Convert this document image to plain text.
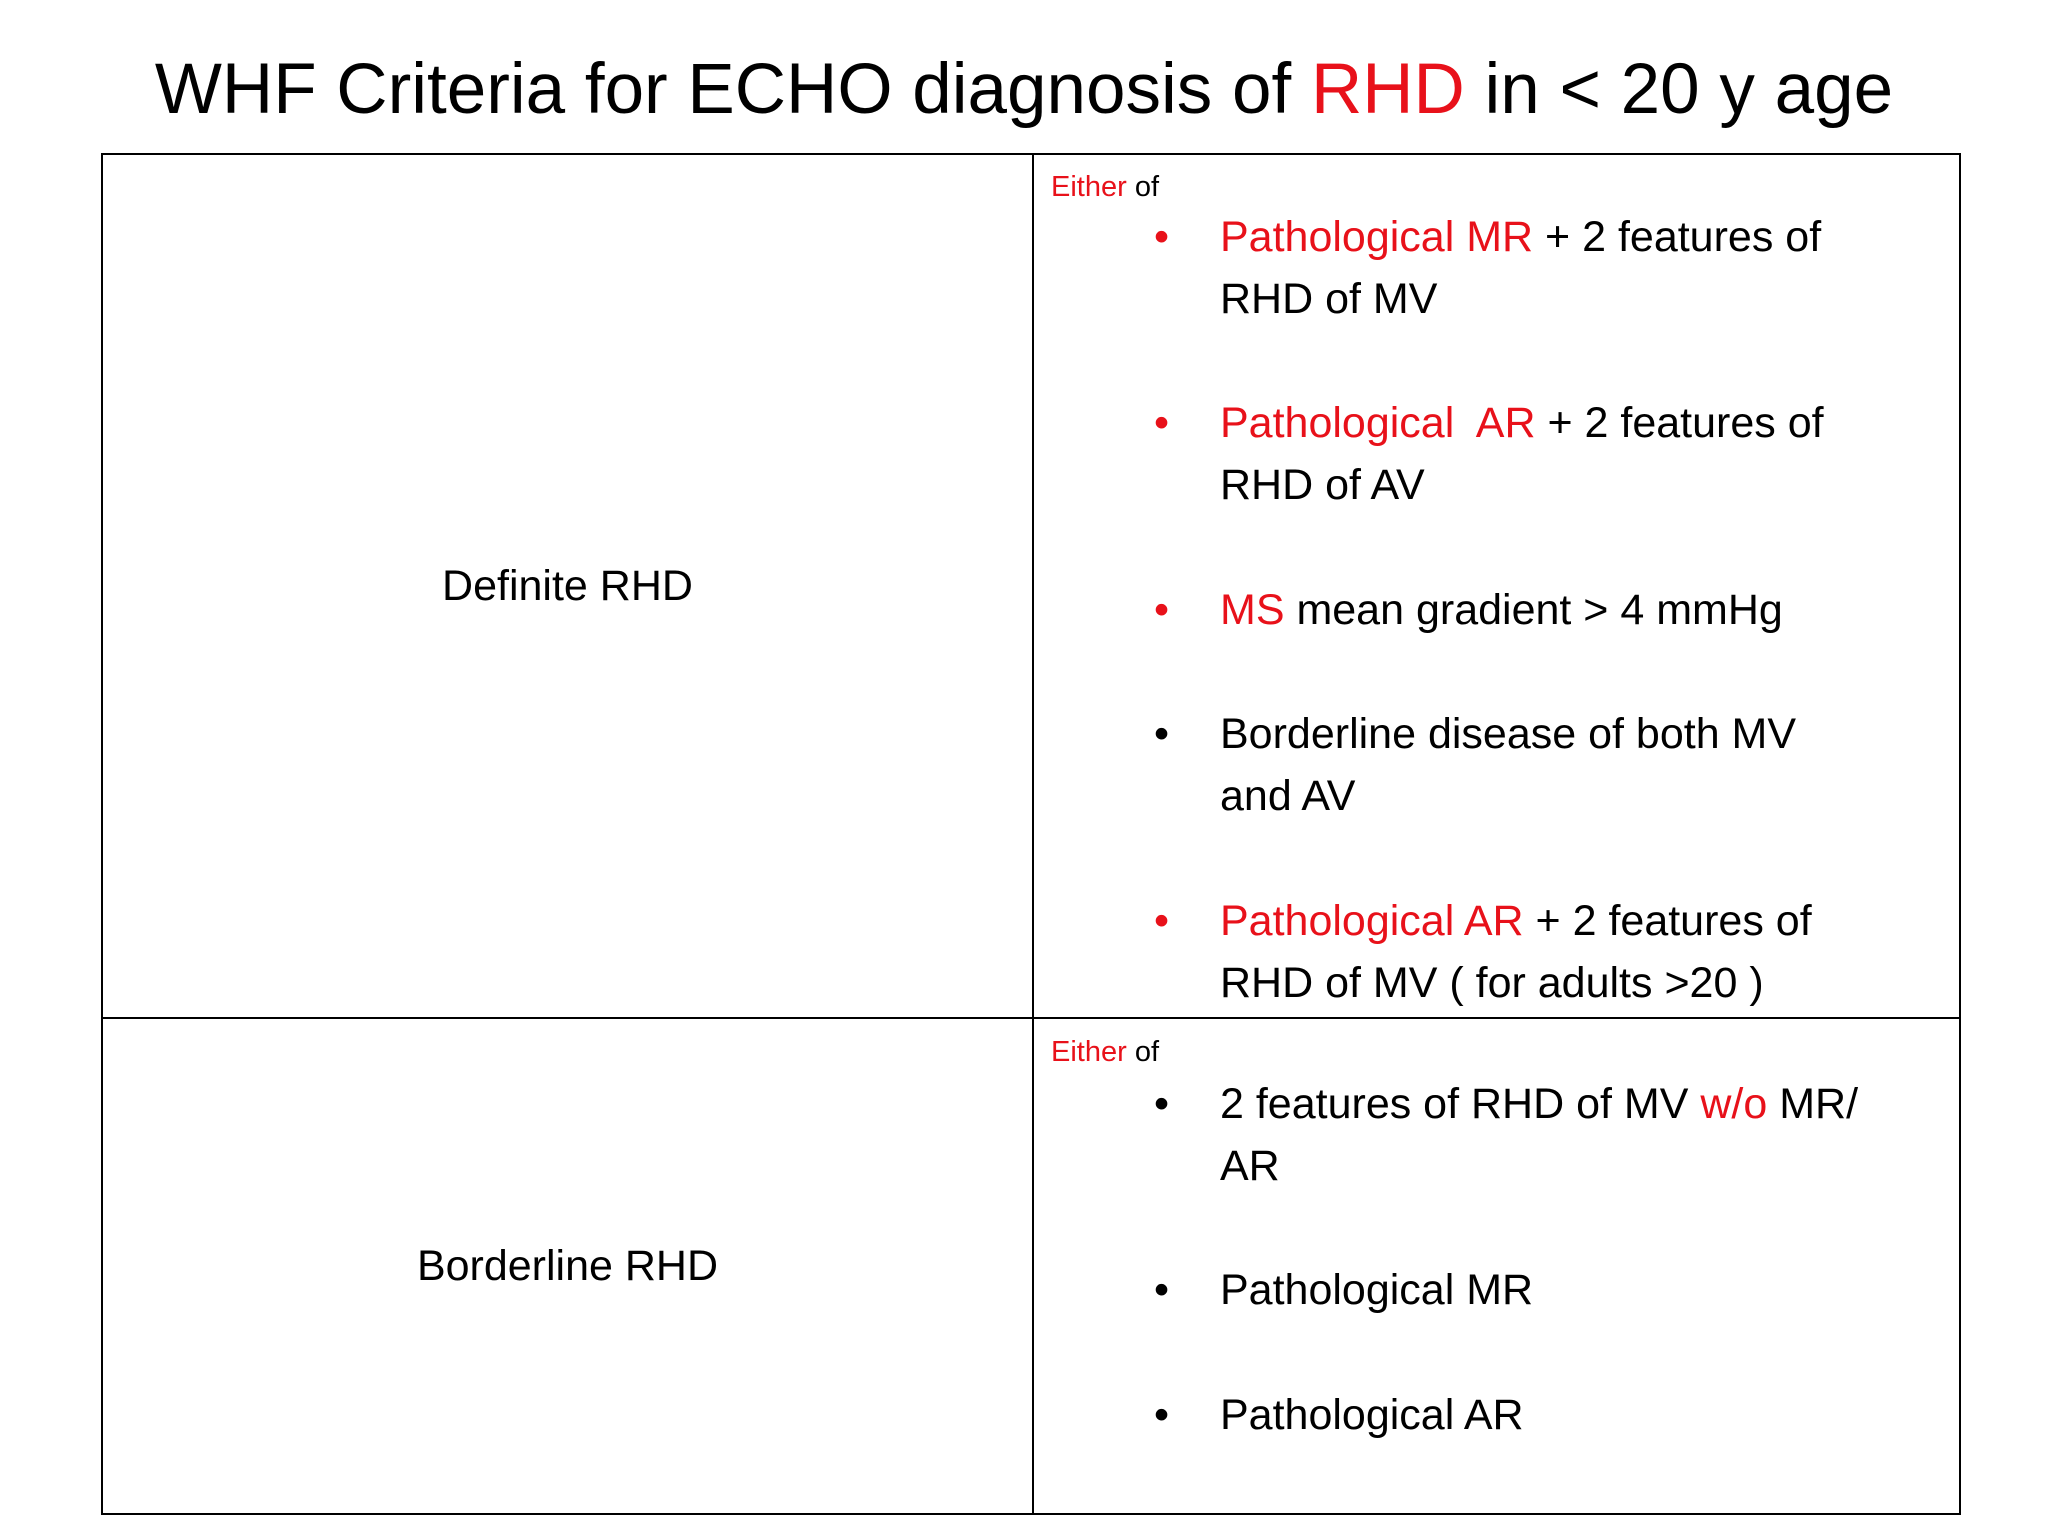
WHF Criteria for ECHO diagnosis of RHD in < 20 y age
Definite RHD
Either of
• Pathological MR + 2 features of
RHD of MV
• Pathological  AR + 2 features of
RHD of AV
• MS mean gradient > 4 mmHg
• Borderline disease of both MV
and AV
• Pathological AR + 2 features of
RHD of MV ( for adults >20 )
Borderline RHD
Either of
• 2 features of RHD of MV w/o MR/
AR
• Pathological MR
• Pathological AR
